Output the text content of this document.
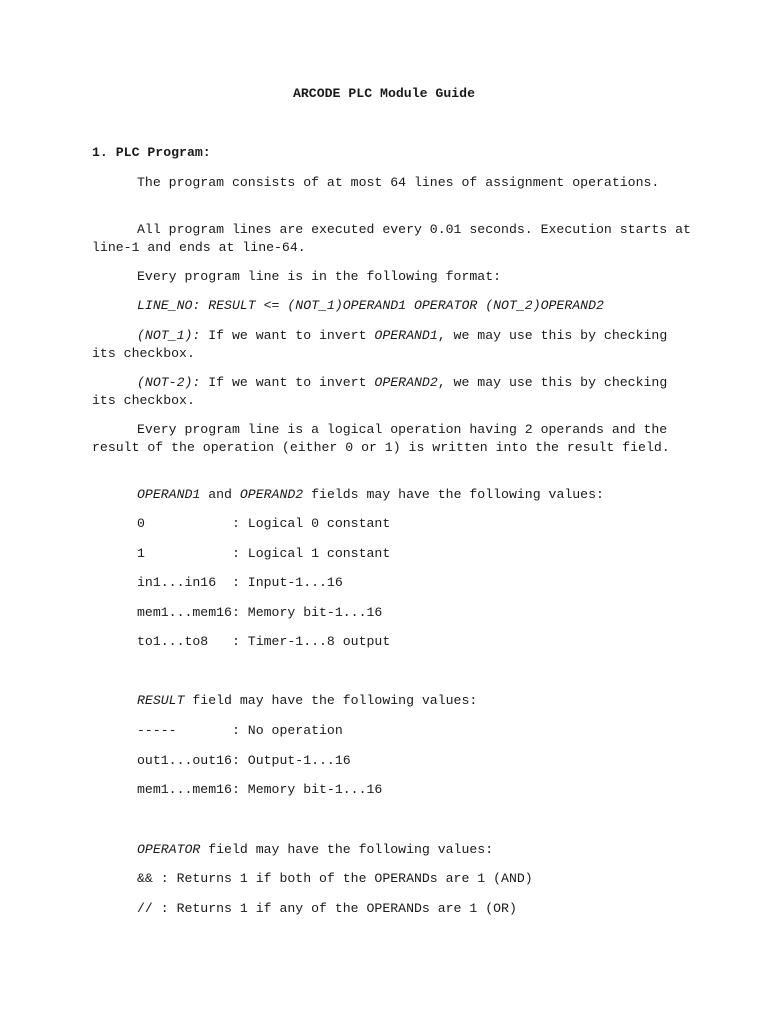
ARCODE PLC Module Guide
1. PLC Program:

The program consists of at most 64 lines of assignment operations.

All program lines are executed every 0.01 seconds. Execution starts at line-1 and ends at line-64.

Every program line is in the following format:

LINE_NO: RESULT <= (NOT_1)OPERAND1 OPERATOR (NOT_2)OPERAND2

(NOT_1): If we want to invert OPERAND1, we may use this by checking its checkbox.

(NOT-2): If we want to invert OPERAND2, we may use this by checking its checkbox.

Every program line is a logical operation having 2 operands and the result of the operation (either 0 or 1) is written into the result field.

OPERAND1 and OPERAND2 fields may have the following values:
0           : Logical 0 constant
1           : Logical 1 constant
in1...in16  : Input-1...16
mem1...mem16: Memory bit-1...16
to1...to8   : Timer-1...8 output
RESULT field may have the following values:
-----       : No operation
out1...out16: Output-1...16
mem1...mem16: Memory bit-1...16
OPERATOR field may have the following values:
&& : Returns 1 if both of the OPERANDs are 1 (AND)
// : Returns 1 if any of the OPERANDs are 1 (OR)
